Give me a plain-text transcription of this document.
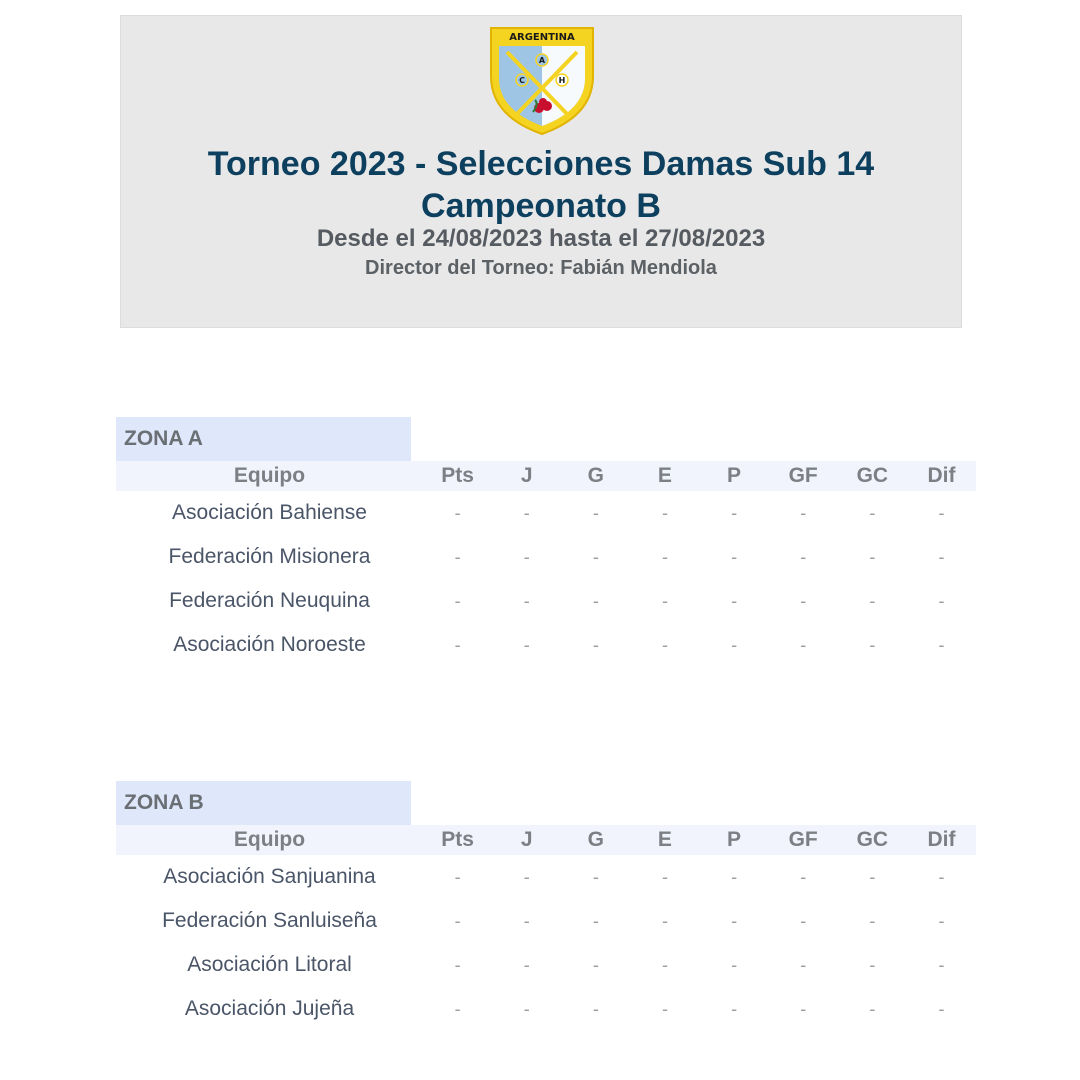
ARGENTINA
A
C	H
Torneo 2023 - Selecciones Damas Sub 14
Campeonato B
Desde el 24/08/2023 hasta el 27/08/2023
Director del Torneo: Fabián Mendiola
ZONA A
Equipo	Pts	J	G	E	P	GF	GC	Dif
Asociación Bahiense	-	-	-	-	-	-	-	-
Federación Misionera	-	-	-	-	-	-	-	-
Federación Neuquina	-	-	-	-	-	-	-	-
Asociación Noroeste	-	-	-	-	-	-	-	-
ZONA B
Equipo	Pts	J	G	E	P	GF	GC	Dif
Asociación Sanjuanina	-	-	-	-	-	-	-	-
Federación Sanluiseña	-	-	-	-	-	-	-	-
Asociación Litoral	-	-	-	-	-	-	-	-
Asociación Jujeña	-	-	-	-	-	-	-	-
